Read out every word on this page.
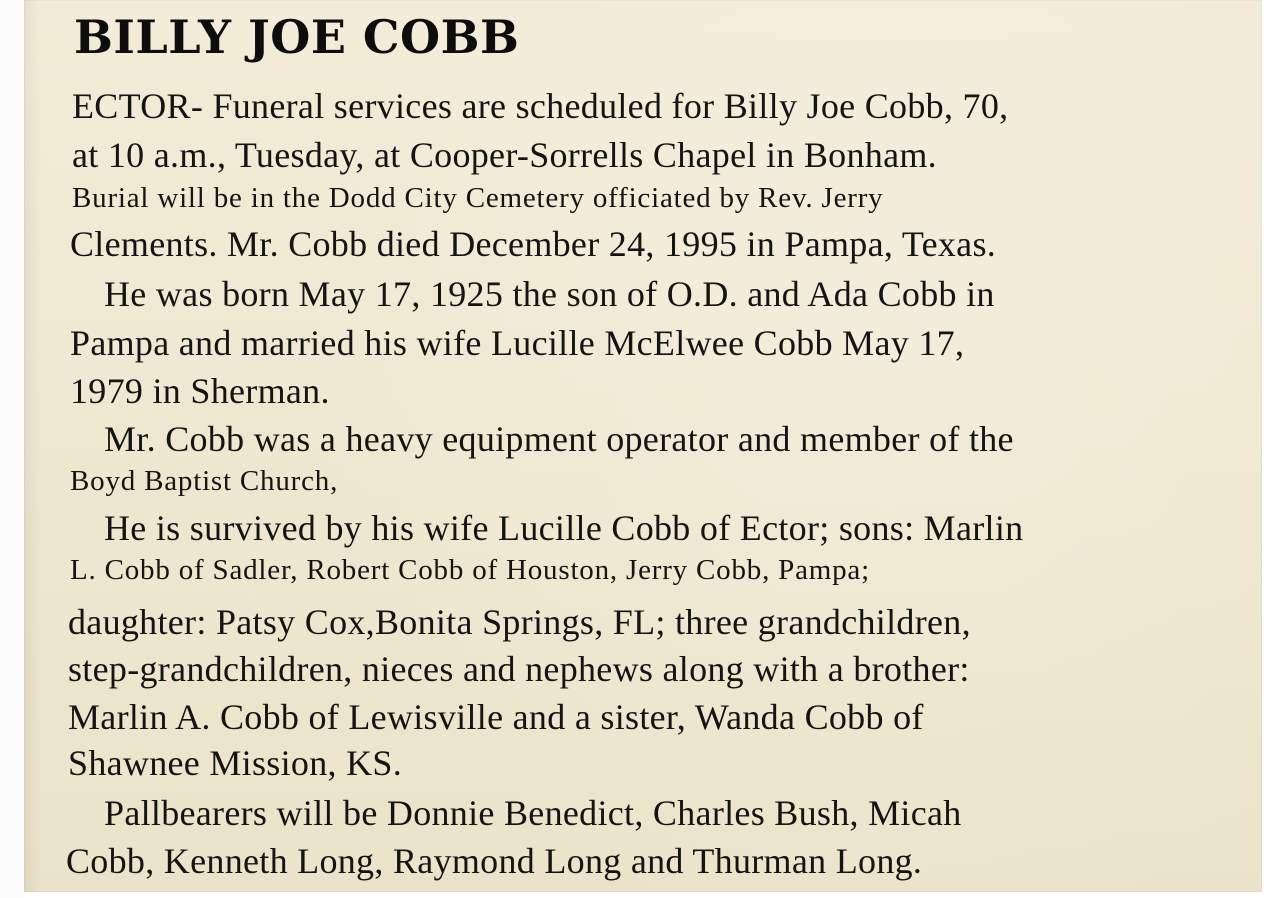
BILLY JOE COBB
ECTOR- Funeral services are scheduled for Billy Joe Cobb, 70,
at 10 a.m., Tuesday, at Cooper-Sorrells Chapel in Bonham.
Burial will be in the Dodd City Cemetery officiated by Rev. Jerry
Clements. Mr. Cobb died December 24, 1995 in Pampa, Texas.
He was born May 17, 1925 the son of O.D. and Ada Cobb in
Pampa and married his wife Lucille McElwee Cobb May 17,
1979 in Sherman.
Mr. Cobb was a heavy equipment operator and member of the
Boyd Baptist Church,
He is survived by his wife Lucille Cobb of Ector; sons: Marlin
L. Cobb of Sadler, Robert Cobb of Houston, Jerry Cobb, Pampa;
daughter: Patsy Cox,Bonita Springs, FL; three grandchildren,
step-grandchildren, nieces and nephews along with a brother:
Marlin A. Cobb of Lewisville and a sister, Wanda Cobb of
Shawnee Mission, KS.
Pallbearers will be Donnie Benedict, Charles Bush, Micah
Cobb, Kenneth Long, Raymond Long and Thurman Long.
